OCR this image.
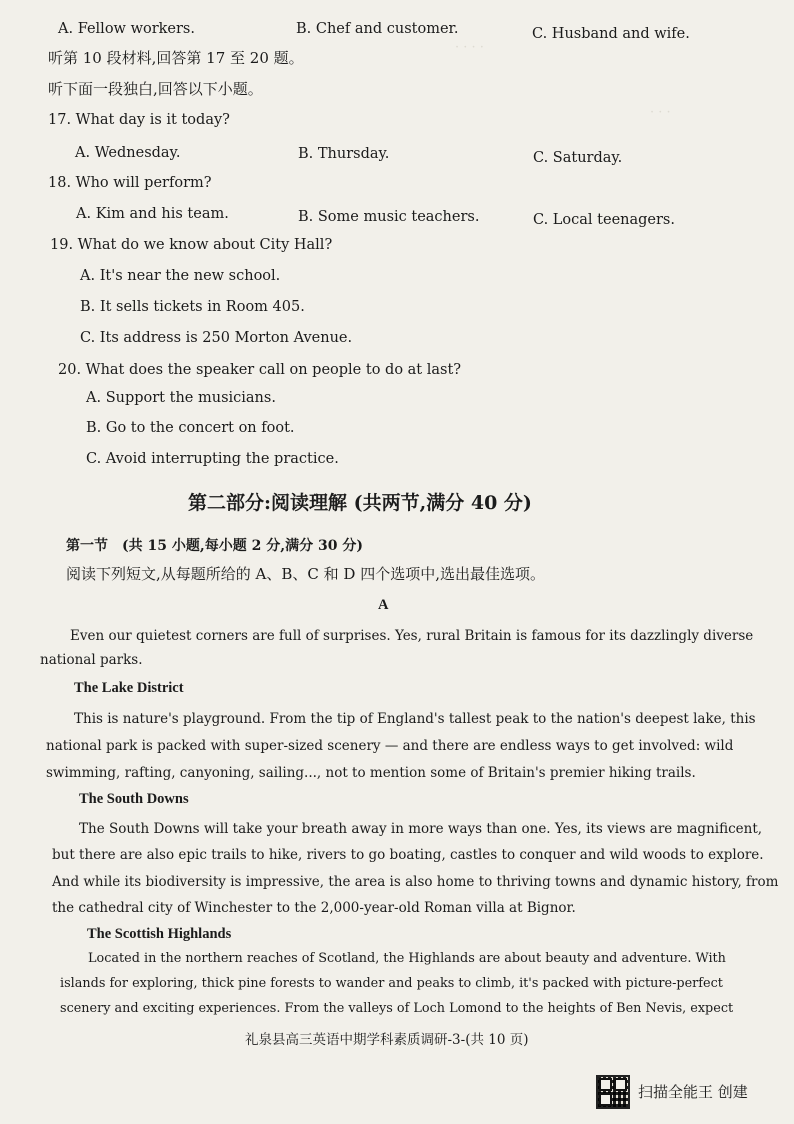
· · · ·
· · ·
A. Fellow workers.	B. Chef and customer.	C. Husband and wife.
听第 10 段材料,回答第 17 至 20 题。
听下面一段独白,回答以下小题。
17. What day is it today?
A. Wednesday.	B. Thursday.	C. Saturday.
18. Who will perform?
A. Kim and his team.	B. Some music teachers.	C. Local teenagers.
19. What do we know about City Hall?
A. It's near the new school.
B. It sells tickets in Room 405.
C. Its address is 250 Morton Avenue.
20. What does the speaker call on people to do at last?
A. Support the musicians.
B. Go to the concert on foot.
C. Avoid interrupting the practice.
第二部分:阅读理解 (共两节,满分 40 分)
第一节　(共 15 小题,每小题 2 分,满分 30 分)
阅读下列短文,从每题所给的 A、B、C 和 D 四个选项中,选出最佳选项。
A
Even our quietest corners are full of surprises. Yes, rural Britain is famous for its dazzlingly diverse
national parks.
The Lake District
This is nature's playground. From the tip of England's tallest peak to the nation's deepest lake, this
national park is packed with super-sized scenery — and there are endless ways to get involved: wild
swimming, rafting, canyoning, sailing..., not to mention some of Britain's premier hiking trails.
The South Downs
The South Downs will take your breath away in more ways than one. Yes, its views are magnificent,
but there are also epic trails to hike, rivers to go boating, castles to conquer and wild woods to explore.
And while its biodiversity is impressive, the area is also home to thriving towns and dynamic history, from
the cathedral city of Winchester to the 2,000-year-old Roman villa at Bignor.
The Scottish Highlands
Located in the northern reaches of Scotland, the Highlands are about beauty and adventure. With
islands for exploring, thick pine forests to wander and peaks to climb, it's packed with picture-perfect
scenery and exciting experiences. From the valleys of Loch Lomond to the heights of Ben Nevis, expect
礼泉县高三英语中期学科素质调研-3-(共 10 页)
扫描全能王 创建
